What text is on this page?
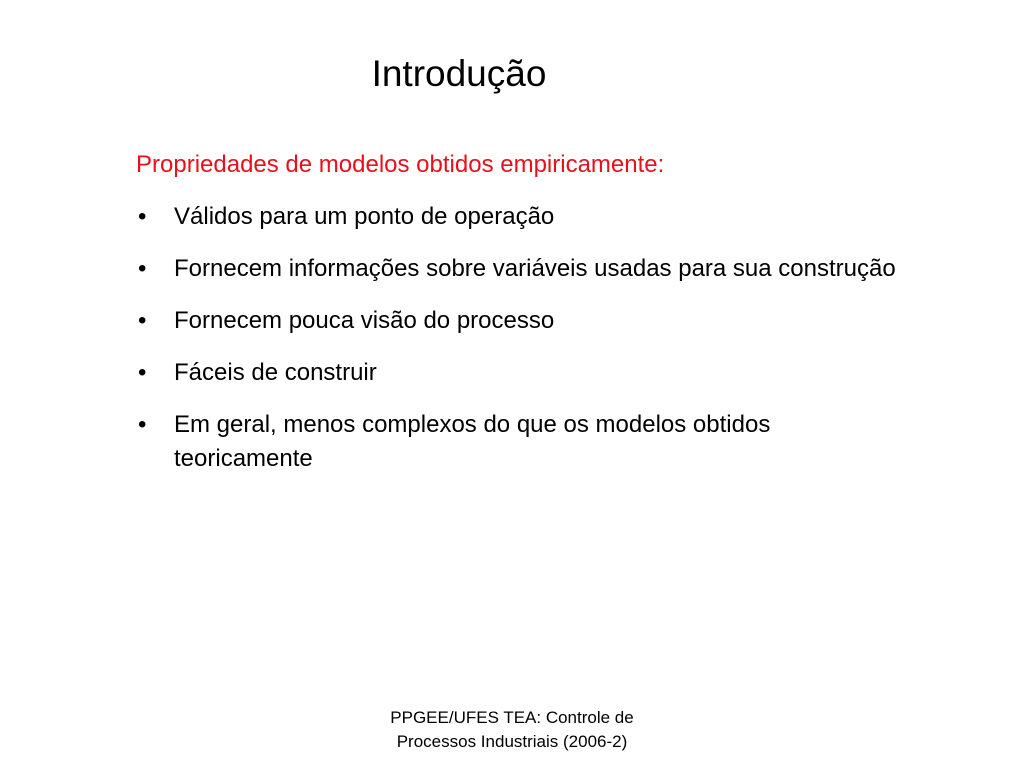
Introdução

Propriedades de modelos obtidos empiricamente:

• Válidos para um ponto de operação
• Fornecem informações sobre variáveis usadas para sua construção
• Fornecem pouca visão do processo
• Fáceis de construir
• Em geral, menos complexos do que os modelos obtidos teoricamente
PPGEE/UFES TEA: Controle de
Processos Industriais (2006-2)
